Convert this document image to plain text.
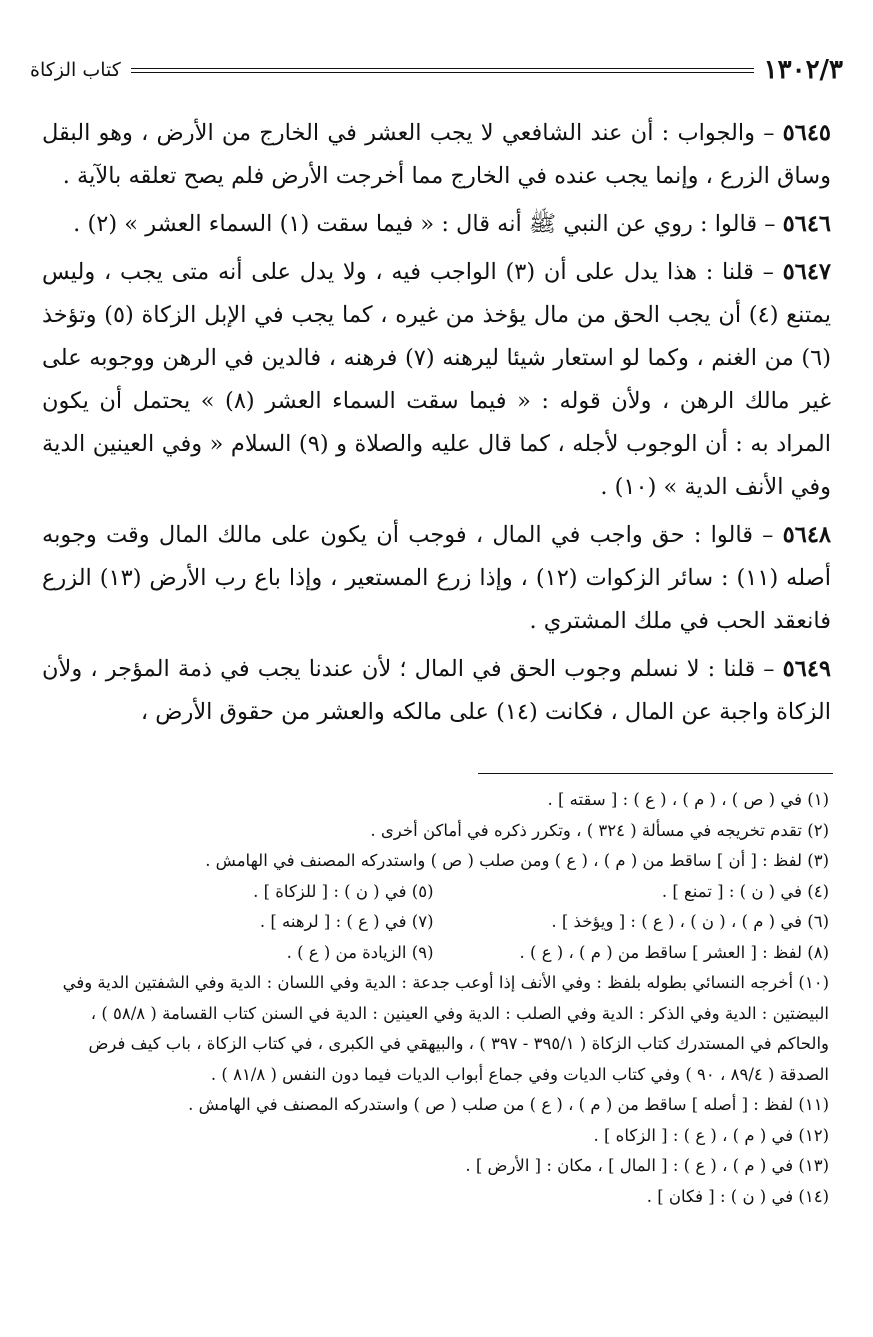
١٣٠٢/٣
كتاب الزكاة

٥٦٤٥ – والجواب : أن عند الشافعي لا يجب العشر في الخارج من الأرض ، وهو البقل وساق الزرع ، وإنما يجب عنده في الخارج مما أخرجت الأرض فلم يصح تعلقه بالآية .

٥٦٤٦ – قالوا : روي عن النبي ﷺ أنه قال : « فيما سقت (١) السماء العشر » (٢) .

٥٦٤٧ – قلنا : هذا يدل على أن (٣) الواجب فيه ، ولا يدل على أنه متى يجب ، وليس يمتنع (٤) أن يجب الحق من مال يؤخذ من غيره ، كما يجب في الإبل الزكاة (٥) وتؤخذ (٦) من الغنم ، وكما لو استعار شيئا ليرهنه (٧) فرهنه ، فالدين في الرهن ووجوبه على غير مالك الرهن ، ولأن قوله : « فيما سقت السماء العشر (٨) » يحتمل أن يكون المراد به : أن الوجوب لأجله ، كما قال عليه والصلاة و (٩) السلام « وفي العينين الدية وفي الأنف الدية » (١٠) .

٥٦٤٨ – قالوا : حق واجب في المال ، فوجب أن يكون على مالك المال وقت وجوبه أصله (١١) : سائر الزكوات (١٢) ، وإذا زرع المستعير ، وإذا باع رب الأرض (١٣) الزرع فانعقد الحب في ملك المشتري .

٥٦٤٩ – قلنا : لا نسلم وجوب الحق في المال ؛ لأن عندنا يجب في ذمة المؤجر ، ولأن الزكاة واجبة عن المال ، فكانت (١٤) على مالكه والعشر من حقوق الأرض ،

(١) في ( ص ) ، ( م ) ، ( ع ) : [ سقته ] .

(٢) تقدم تخريجه في مسألة ( ٣٢٤ ) ، وتكرر ذكره في أماكن أخرى .

(٣) لفظ : [ أن ] ساقط من ( م ) ، ( ع ) ومن صلب ( ص ) واستدركه المصنف في الهامش .

(٤) في ( ن ) : [ تمنع ] .

(٥) في ( ن ) : [ للزكاة ] .

(٦) في ( م ) ، ( ن ) ، ( ع ) : [ ويؤخذ ] .

(٧) في ( ع ) : [ لرهنه ] .

(٨) لفظ : [ العشر ] ساقط من ( م ) ، ( ع ) .

(٩) الزيادة من ( ع ) .

(١٠) أخرجه النسائي بطوله بلفظ : وفي الأنف إذا أوعب جدعة : الدية وفي اللسان : الدية وفي الشفتين الدية وفي البيضتين : الدية وفي الذكر : الدية وفي الصلب : الدية وفي العينين : الدية في السنن كتاب القسامة ( ٥٨/٨ ) ، والحاكم في المستدرك كتاب الزكاة ( ٣٩٥/١ - ٣٩٧ ) ، والبيهقي في الكبرى ، في كتاب الزكاة ، باب كيف فرض الصدقة ( ٨٩/٤ ، ٩٠ ) وفي كتاب الديات وفي جماع أبواب الديات فيما دون النفس ( ٨١/٨ ) .

(١١) لفظ : [ أصله ] ساقط من ( م ) ، ( ع ) من صلب ( ص ) واستدركه المصنف في الهامش .

(١٢) في ( م ) ، ( ع ) : [ الزكاه ] .

(١٣) في ( م ) ، ( ع ) : [ المال ] ، مكان : [ الأرض ] .

(١٤) في ( ن ) : [ فكان ] .
